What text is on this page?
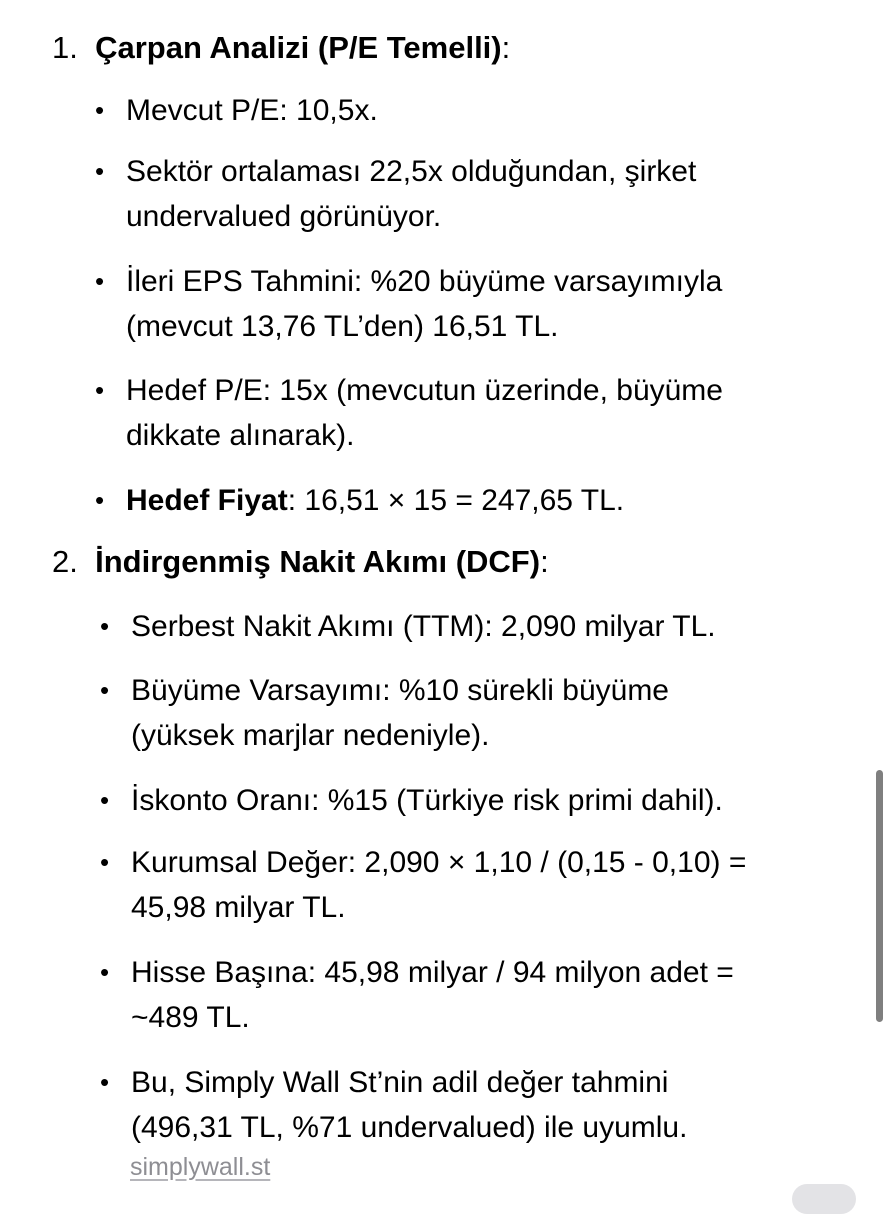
1. Çarpan Analizi (P/E Temelli):
• Mevcut P/E: 10,5x.
• Sektör ortalaması 22,5x olduğundan, şirket
undervalued görünüyor.
• İleri EPS Tahmini: %20 büyüme varsayımıyla
(mevcut 13,76 TL’den) 16,51 TL.
• Hedef P/E: 15x (mevcutun üzerinde, büyüme
dikkate alınarak).
• Hedef Fiyat: 16,51 × 15 = 247,65 TL.
2. İndirgenmiş Nakit Akımı (DCF):
• Serbest Nakit Akımı (TTM): 2,090 milyar TL.
• Büyüme Varsayımı: %10 sürekli büyüme
(yüksek marjlar nedeniyle).
• İskonto Oranı: %15 (Türkiye risk primi dahil).
• Kurumsal Değer: 2,090 × 1,10 / (0,15 - 0,10) =
45,98 milyar TL.
• Hisse Başına: 45,98 milyar / 94 milyon adet =
~489 TL.
• Bu, Simply Wall St’nin adil değer tahmini
(496,31 TL, %71 undervalued) ile uyumlu.
simplywall.st
